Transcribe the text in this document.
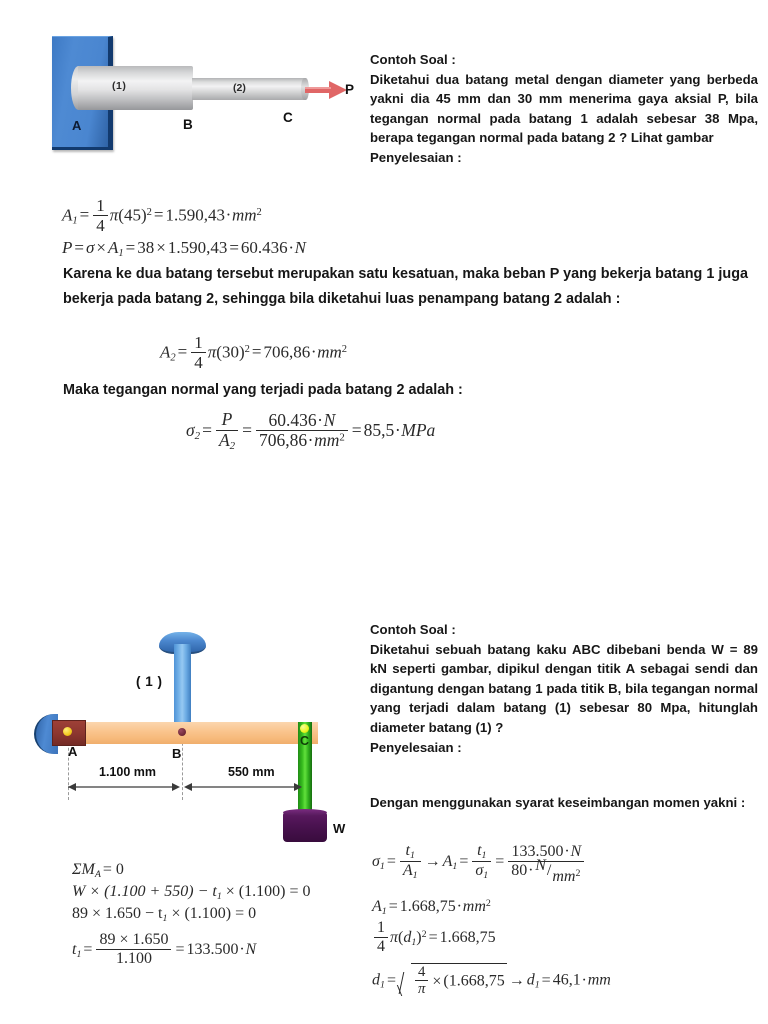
A
(1)	(2)
B	C
P
Contoh Soal :
Diketahui dua batang metal dengan diameter yang berbeda yakni dia 45 mm dan 30 mm menerima gaya aksial P, bila tegangan normal pada batang 1 adalah sebesar 38 Mpa, berapa tegangan normal pada batang 2 ? Lihat gambar
Penyelesaian :
$A_1 = \frac{1}{4} \pi(45)^2 = 1.590,43\cdot mm^2$
$P = \sigma \times A_1 = 38 \times 1.590,43 = 60.436\cdot N$
Karena ke dua batang tersebut merupakan satu kesatuan, maka beban P yang bekerja batang 1 juga bekerja pada batang 2, sehingga bila diketahui luas penampang batang 2 adalah :
$A_2 = \frac{1}{4} \pi(30)^2 = 706,86\cdot mm^2$
Maka tegangan normal yang terjadi pada batang 2 adalah :
$\sigma_2 = \frac{P}{A_2} = \frac{60.436\cdot N}{706,86\cdot mm^2} = 85,5\cdot MPa$
( 1 )
A	B
C
W
1.100 mm	550 mm
Contoh Soal :
Diketahui sebuah batang kaku ABC dibebani benda W = 89 kN seperti gambar, dipikul dengan titik A sebagai sendi dan digantung dengan batang 1 pada titik B, bila tegangan normal yang terjadi dalam batang (1) sebesar 80 Mpa, hitunglah diameter batang (1) ?
Penyelesaian :
Dengan menggunakan syarat keseimbangan momen yakni :
$\Sigma M_A = 0$
$W \times (1.100 + 550) - t_1 \times (1.100) = 0$
$89 \times 1.650 - t_1 \times (1.100) = 0$
$t_1 = \frac{89 \times 1.650}{1.100} = 133.500\cdot N$
$\sigma_1 = \frac{t_1}{A_1} \to A_1 = \frac{t_1}{\sigma_1} = \frac{133.500\cdot N}{80\cdot N/mm^2}$
$A_1 = 1.668,75\cdot mm^2$
$\frac{1}{4} \pi(d_1)^2 = 1.668,75$
$d_1 = \frac{4}{\pi} \times (1.668,75 \to d_1 = 46,1\cdot mm$
